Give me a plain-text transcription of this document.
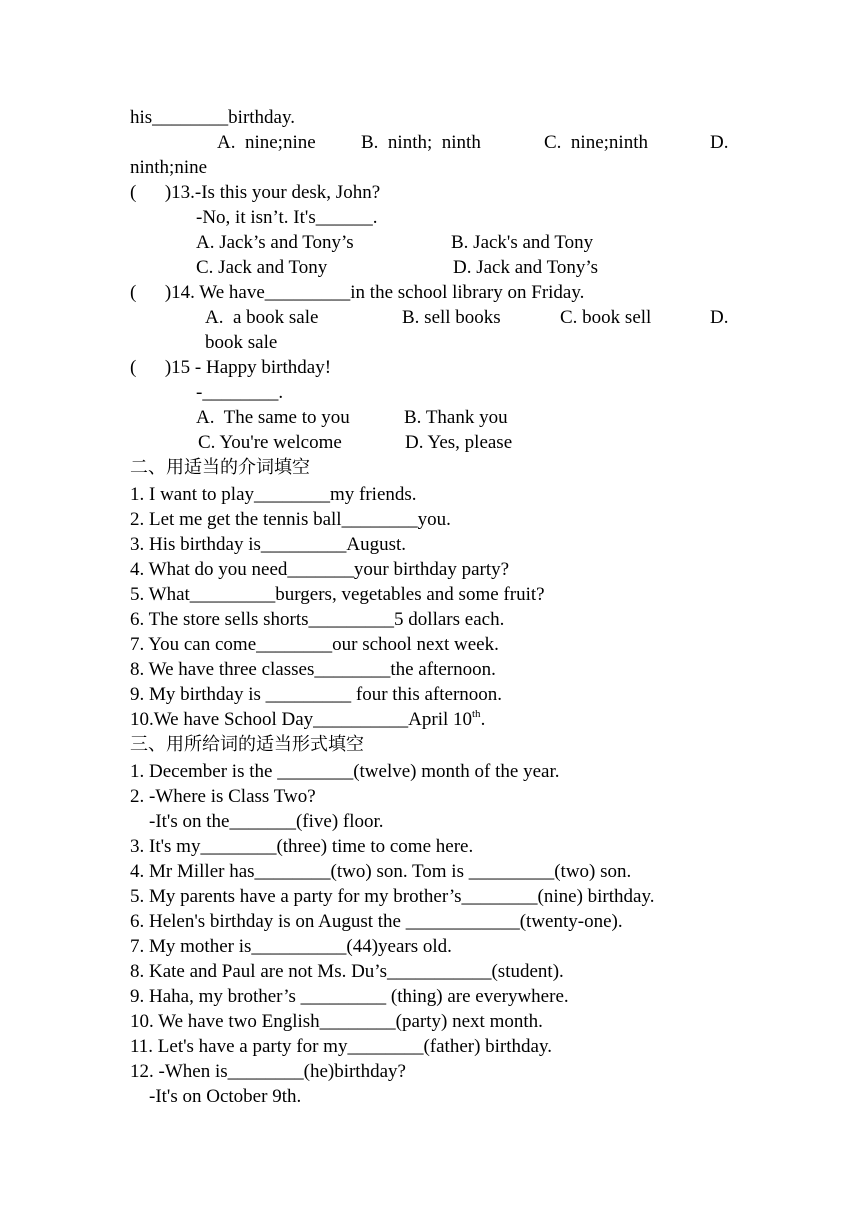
his________birthday.
A.  nine;nine B.  ninth;  ninth	C.  nine;ninth	D.
ninth;nine
(      )13.-Is this your desk, John?
-No, it isn’t. It's______.
A. Jack’s and Tony’s	B. Jack's and Tony
C. Jack and Tony	D. Jack and Tony’s
(      )14. We have_________in the school library on Friday.
A.  a book sale	B. sell books	C. book sell	D.
book sale
(      )15 - Happy birthday!
-________.
A.  The same to you	B. Thank you
C. You're welcome	D. Yes, please
二、用适当的介词填空
1. I want to play________my friends.
2. Let me get the tennis ball________you.
3. His birthday is_________August.
4. What do you need_______your birthday party?
5. What_________burgers, vegetables and some fruit?
6. The store sells shorts_________5 dollars each.
7. You can come________our school next week.
8. We have three classes________the afternoon.
9. My birthday is _________ four this afternoon.
10.We have School Day__________April 10th.
三、用所给词的适当形式填空
1. December is the ________(twelve) month of the year.
2. -Where is Class Two?
-It's on the_______(five) floor.
3. It's my________(three) time to come here.
4. Mr Miller has________(two) son. Tom is _________(two) son.
5. My parents have a party for my brother’s________(nine) birthday.
6. Helen's birthday is on August the ____________(twenty-one).
7. My mother is__________(44)years old.
8. Kate and Paul are not Ms. Du’s___________(student).
9. Haha, my brother’s _________ (thing) are everywhere.
10. We have two English________(party) next month.
11. Let's have a party for my________(father) birthday.
12. -When is________(he)birthday?
-It's on October 9th.
